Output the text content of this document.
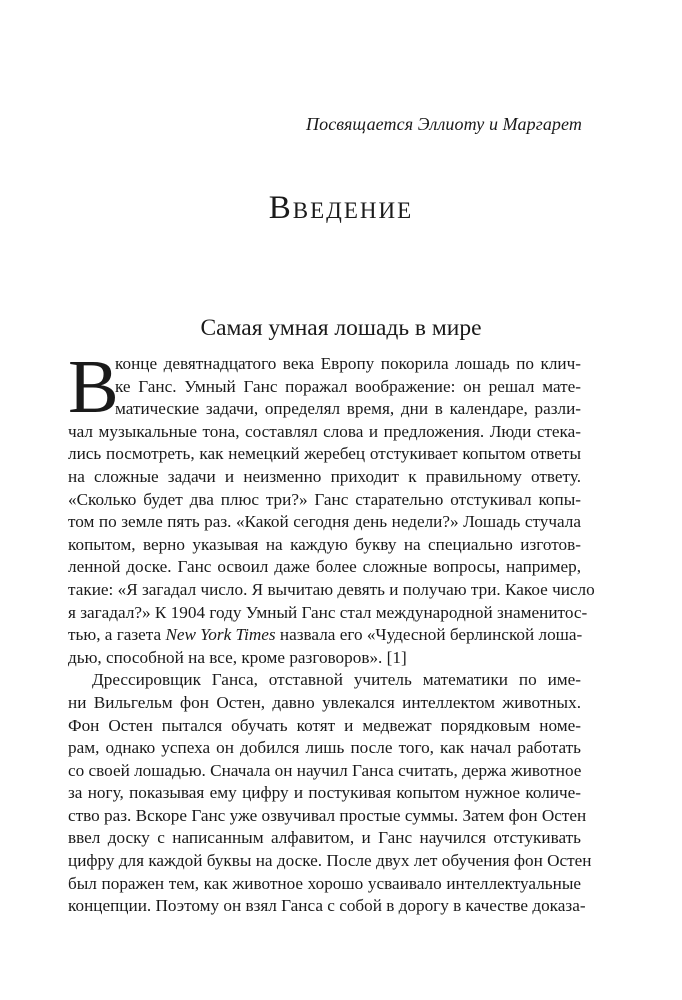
Посвящается Эллиоту и Маргарет
Введение
Самая умная лошадь в мире
В
конце девятнадцатого века Европу покорила лошадь по клич-
ке Ганс. Умный Ганс поражал воображение: он решал мате-
матические задачи, определял время, дни в календаре, разли-
чал музыкальные тона, составлял слова и предложения. Люди стека-
лись посмотреть, как немецкий жеребец отстукивает копытом ответы
на сложные задачи и неизменно приходит к правильному ответу.
«Сколько будет два плюс три?» Ганс старательно отстукивал копы-
том по земле пять раз. «Какой сегодня день недели?» Лошадь стучала
копытом, верно указывая на каждую букву на специально изготов-
ленной доске. Ганс освоил даже более сложные вопросы, например,
такие: «Я загадал число. Я вычитаю девять и получаю три. Какое число
я загадал?» К 1904 году Умный Ганс стал международной знаменитос-
тью, а газета New York Times назвала его «Чудесной берлинской лоша-
дью, способной на все, кроме разговоров». [1]
Дрессировщик Ганса, отставной учитель математики по име-
ни Вильгельм фон Остен, давно увлекался интеллектом животных.
Фон Остен пытался обучать котят и медвежат порядковым номе-
рам, однако успеха он добился лишь после того, как начал работать
со своей лошадью. Сначала он научил Ганса считать, держа животное
за ногу, показывая ему цифру и постукивая копытом нужное количе-
ство раз. Вскоре Ганс уже озвучивал простые суммы. Затем фон Остен
ввел доску с написанным алфавитом, и Ганс научился отстукивать
цифру для каждой буквы на доске. После двух лет обучения фон Остен
был поражен тем, как животное хорошо усваивало интеллектуальные
концепции. Поэтому он взял Ганса с собой в дорогу в качестве доказа-
